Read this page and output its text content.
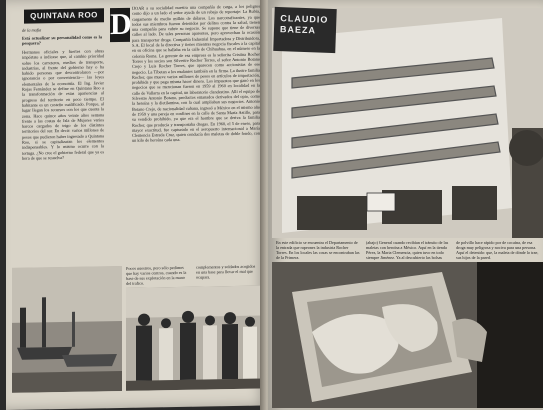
QUINTANA ROO
de la mafia
Está actualizar su personalidad como es la pesquera?
Hermanos oficiales y fuertes con obras impórtate a indicase que, al cambio prioridad sobre los carreteros, medios de transporte, industrias, al frente del gobierno hay o ha habido personas que descontrolaron —por ignorancia o por conveniencia— las leyes elementales de la economía. El Ing. Javier Rojas Fernández se define en Quintana Roo a la transformación de estas apariencias al progreso del territorio en poco tiempo. El habitante es un costeño cualificado. Porque, al lugar llegan los recursos con los que cuenta la zona. Hace quince años veinte años semana frente a las costas de Isla de Mujeres varios barcos cargados de trigo de los distintos territorios del sur. En decir: varios millones de pesos que pudieron haber ingresado a Quintana Roo, si se capitalizaran los elementos indispensables. Y lo mismo ocurre con la tortuga. ¿No cree el gobierno federal que ya es hora de que se resuelva?
D
IJOAR a su socialidad nuestra una compañía de carga, a los peligros como dijo a un lado el señor ayuda de un rebajo de reportaje: La Rubia, cargamento de medio millón de dólares. Los narcotraficantes, ya que todos sus miembros fueron detenidos por delitos contra la salud, tienen una compañía para cubrir su negocio. Se supone que tiene de diversas calles al lado. De tales personas aparentes, pero aprovechan la ocasión para transportar droga. Compañía Industrial Importadora y Distribuidora, S.A. El local de la directiva y tienes mientras negocia fiscales a la capital en su oficina que se hallaba en la calle de Chihuahua, en el número en la colonia Roma. La gerente de esa empresa es la señorita Cristina Rocher Torres y los socios son Silvestre Rocher Torres, el señor Antonio Botano Crejo y Luis Rocher Torres, que aparecen como accionistas de ese negocio. La Tíbetan a los mulantes también en la firma. La ilustre familia Rocher, que mueve varios millones de pesos en artículos de importación, prohibida y que paga misma hacer dinero. Los impuestos que ganó en los negocios que se mencionan fueron en 1959 al 1960 en localidad en la calle de Vallarta en la capital, un laboratorio clandestino. Allí el equipo de Silvestre Antonio Botano, productos emanados derivados del opio, como la heroína y la dietilamina, con la cual ampliaban sus negocios. Antonio Botano Crejo, de nacionalidad cubana, ingresó a México en el mismo año de 1959 y una pareja en confines en la calle de Santa María Astillo, para su vendido prohibido, ya que era el hombre que se deriva la familia Rocher, que producía y transportaba drogas. En 1960, el 5 de enero, para mayor exactitud, fue capturado en el aeropuerto internacional a María Clemencia Estrada Cruz, quien conducía dos maletas de doble fondo, con un kilo de heroína cada una.
Pocos nuestros, pero sólo pedimos que hay varios centros, cuando es la base de sus explotación en la mano del trafico.
complementos y soldados acogidos en una base para llevar el mal que ocupara.
CLAUDIO BAEZA
En este edificio se encuentra el Departamento de la entrada que rapeones la industria Rocher Torres. En los locales las cosas se encontraban las de la Primera.
(abajo) General cuando recibían el tránsito de las maletas con heroína a México. Aquí en la tienda Pérez, la Maria Clemencia, quien tuvo en todo siempre Jiménez. Ya al descubierto las bolsas
de polvillo hace rápido por de cocaína, de esa droga muy peligrosa y nociva para una persona. Aquí el detenido: que, la maleta de dónde lo trae, sus hijos de la pared.
